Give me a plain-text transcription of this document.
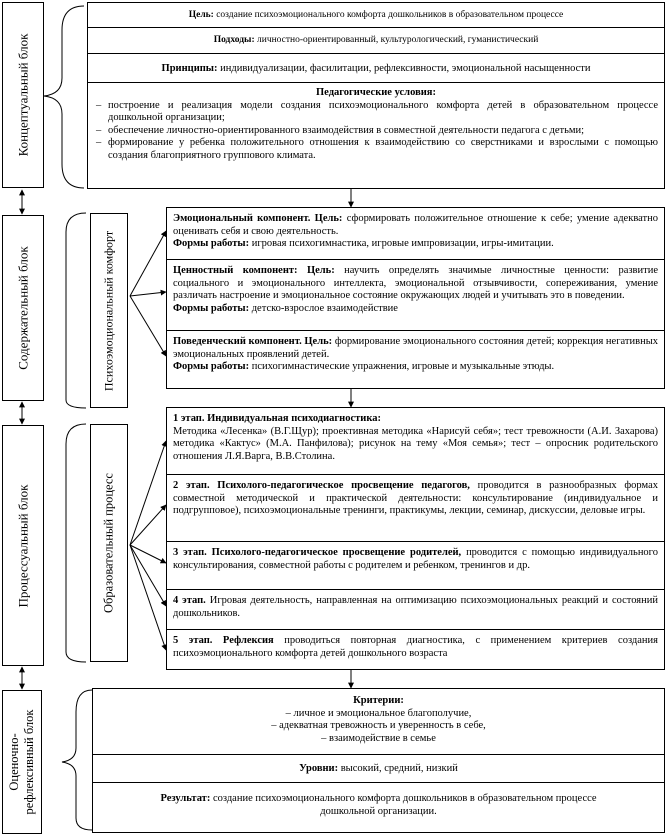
Концептуальный блок
Содержательный блок
Процессуальный блок
Оценочно-
рефлексивный блок
Психоэмоциональный комфорт
Образовательный процесс
Цель: создание психоэмоционального комфорта дошкольников в образовательном процессе
Подходы: личностно-ориентированный, культурологический, гуманистический
Принципы: индивидуализации, фасилитации, рефлексивности, эмоциональной насыщенности
Педагогические условия:
– построение и реализация модели создания психоэмоционального комфорта детей в образовательном процессе дошкольной организации;
– обеспечение личностно-ориентированного взаимодействия в совместной деятельности педагога с детьми;
– формирование у ребенка положительного отношения к взаимодействию со сверстниками и взрослыми с помощью создания благоприятного группового климата.
Эмоциональный компонент. Цель: сформировать положительное отношение к себе; умение адекватно оценивать себя и свою деятельность.
Формы работы: игровая психогимнастика, игровые импровизации, игры-имитации.
Ценностный компонент: Цель: научить определять значимые личностные ценности: развитие социального и эмоционального интеллекта, эмоциональной отзывчивости, сопереживания, умение различать настроение и эмоциональное состояние окружающих людей и учитывать это в поведении.
Формы работы: детско-взрослое взаимодействие
Поведенческий компонент. Цель: формирование эмоционального состояния детей; коррекция негативных эмоциональных проявлений детей.
Формы работы: психогимнастические упражнения, игровые и музыкальные этюды.
1 этап. Индивидуальная психодиагностика:
Методика «Лесенка» (В.Г.Щур); проективная методика «Нарисуй себя»; тест тревожности (А.И. Захарова) методика «Кактус» (М.А. Панфилова); рисунок на тему «Моя семья»; тест – опросник родительского отношения Л.Я.Варга, В.В.Столина.
2 этап. Психолого-педагогическое просвещение педагогов, проводится в разнообразных формах совместной методической и практической деятельности: консультирование (индивидуальное и подгрупповое), психоэмоциональные тренинги, практикумы, лекции, семинар, дискуссии, деловые игры.
3 этап. Психолого-педагогическое просвещение родителей, проводится с помощью индивидуального консультирования, совместной работы с родителем и ребенком, тренингов и др.
4 этап. Игровая деятельность, направленная на оптимизацию психоэмоциональных реакций и состояний дошкольников.
5 этап. Рефлексия проводиться повторная диагностика, с применением критериев создания психоэмоционального комфорта детей дошкольного возраста
Критерии:
– личное и эмоциональное благополучие,
– адекватная тревожность и уверенность в себе,
– взаимодействие в семье
Уровни: высокий, средний, низкий
Результат: создание психоэмоционального комфорта дошкольников в образовательном процессе дошкольной организации.
